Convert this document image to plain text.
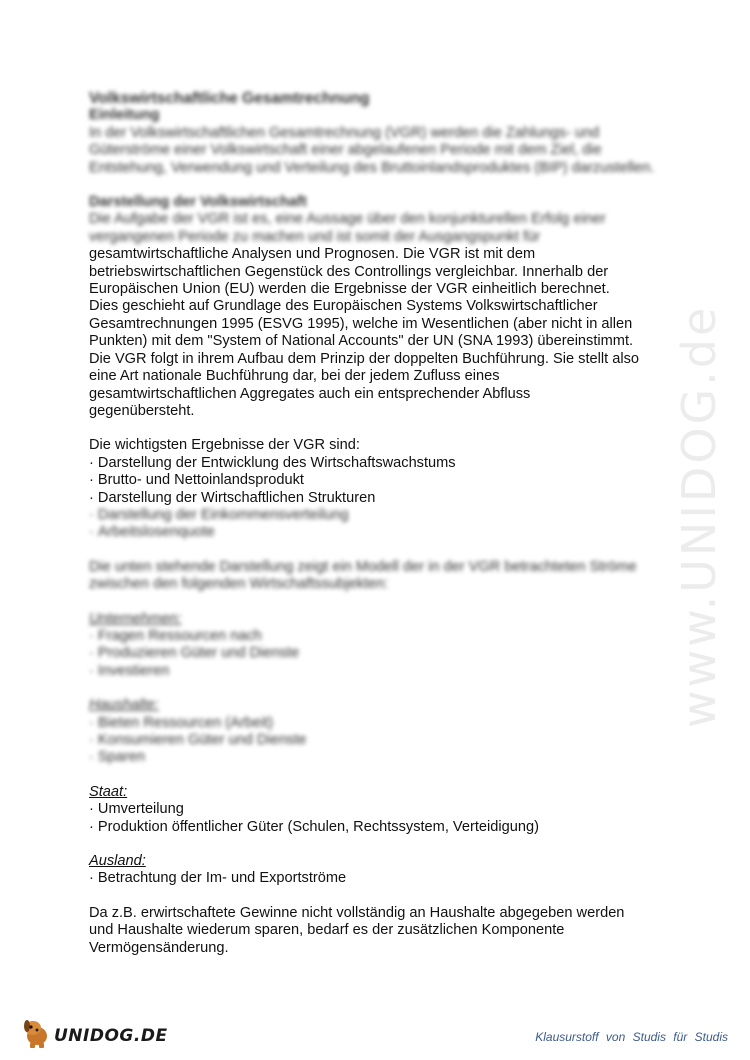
www.UNIDOG.de
Volkswirtschaftliche Gesamtrechnung
Einleitung

In der Volkswirtschaftlichen Gesamtrechnung (VGR) werden die Zahlungs- und Güterströme einer Volkswirtschaft einer abgelaufenen Periode mit dem Ziel, die Entstehung, Verwendung und Verteilung des Bruttoinlandsproduktes (BIP) darzustellen.

Darstellung der Volkswirtschaft
Die Aufgabe der VGR ist es, eine Aussage über den konjunkturellen Erfolg einer
vergangenen Periode zu machen und ist somit der Ausgangspunkt für
gesamtwirtschaftliche Analysen und Prognosen. Die VGR ist mit dem
betriebswirtschaftlichen Gegenstück des Controllings vergleichbar. Innerhalb der
Europäischen Union (EU) werden die Ergebnisse der VGR einheitlich berechnet.
Dies geschieht auf Grundlage des Europäischen Systems Volkswirtschaftlicher
Gesamtrechnungen 1995 (ESVG 1995), welche im Wesentlichen (aber nicht in allen
Punkten) mit dem "System of National Accounts" der UN (SNA 1993) übereinstimmt.
Die VGR folgt in ihrem Aufbau dem Prinzip der doppelten Buchführung. Sie stellt also
eine Art nationale Buchführung dar, bei der jedem Zufluss eines
gesamtwirtschaftlichen Aggregates auch ein entsprechender Abfluss
gegenübersteht.
Die wichtigsten Ergebnisse der VGR sind:
· Darstellung der Entwicklung des Wirtschaftswachstums
· Brutto- und Nettoinlandsprodukt
· Darstellung der Wirtschaftlichen Strukturen
· Darstellung der Einkommensverteilung
· Arbeitslosenquote

Die unten stehende Darstellung zeigt ein Modell der in der VGR betrachteten Ströme zwischen den folgenden Wirtschaftssubjekten:

Unternehmen:
· Fragen Ressourcen nach
· Produzieren Güter und Dienste
· Investieren
Haushalte:
· Bieten Ressourcen (Arbeit)
· Konsumieren Güter und Dienste
· Sparen
Staat:
· Umverteilung
· Produktion öffentlicher Güter (Schulen, Rechtssystem, Verteidigung)
Ausland:
· Betrachtung der Im- und Exportströme
Da z.B. erwirtschaftete Gewinne nicht vollständig an Haushalte abgegeben werden
und Haushalte wiederum sparen, bedarf es der zusätzlichen Komponente
Vermögensänderung.
UNIDOG.DE	Klausurstoff von Studis für Studis
